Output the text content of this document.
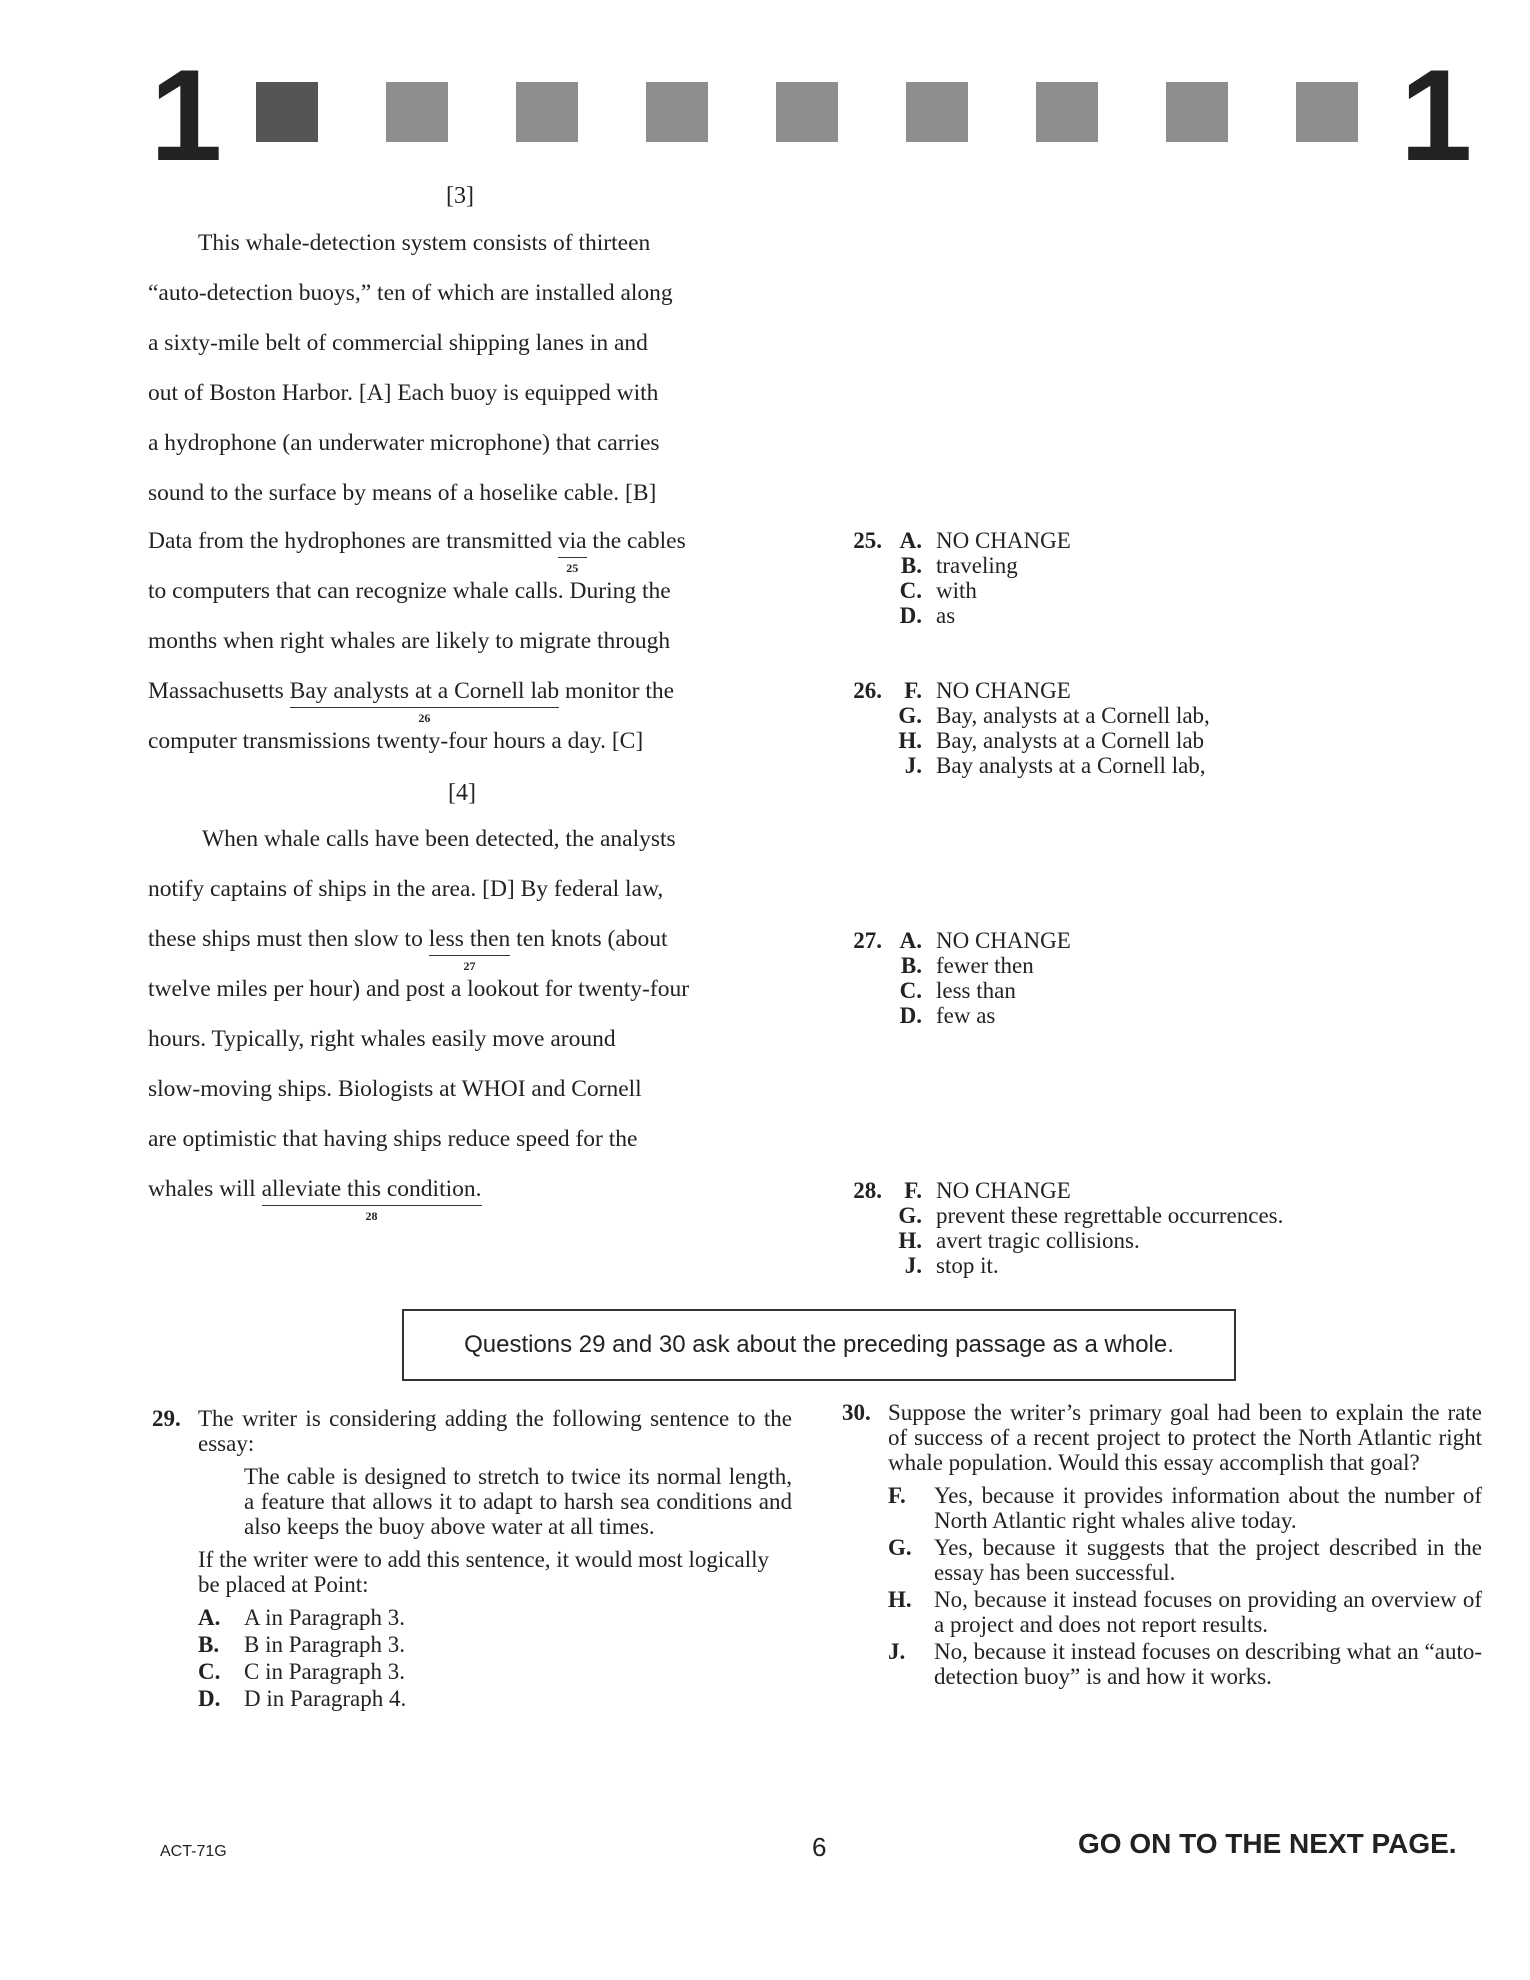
1	1
[3]
This whale-detection system consists of thirteen
“auto-detection buoys,” ten of which are installed along
a sixty-mile belt of commercial shipping lanes in and
out of Boston Harbor. [A] Each buoy is equipped with
a hydrophone (an underwater microphone) that carries
sound to the surface by means of a hoselike cable. [B]
Data from the hydrophones are transmitted via
25
the cables
to computers that can recognize whale calls. During the
months when right whales are likely to migrate through
Massachusetts Bay analysts at a Cornell lab
26
monitor the
computer transmissions twenty-four hours a day. [C]
[4]
When whale calls have been detected, the analysts
notify captains of ships in the area. [D] By federal law,
these ships must then slow to less then
27
ten knots (about
twelve miles per hour) and post a lookout for twenty-four
hours. Typically, right whales easily move around
slow-moving ships. Biologists at WHOI and Cornell
are optimistic that having ships reduce speed for the
whales will alleviate this condition.
28
25. A. NO CHANGE
B. traveling
C. with
D. as
26. F. NO CHANGE
G. Bay, analysts at a Cornell lab,
H. Bay, analysts at a Cornell lab
J. Bay analysts at a Cornell lab,
27. A. NO CHANGE
B. fewer then
C. less than
D. few as
28. F. NO CHANGE
G. prevent these regrettable occurrences.
H. avert tragic collisions.
J. stop it.
Questions 29 and 30 ask about the preceding passage as a whole.
29. The writer is considering adding the following sentence to the essay:
The cable is designed to stretch to twice its normal length, a feature that allows it to adapt to harsh sea conditions and also keeps the buoy above water at all times.
If the writer were to add this sentence, it would most logically be placed at Point:
A.	A in Paragraph 3.
B.	B in Paragraph 3.
C.	C in Paragraph 3.
D.	D in Paragraph 4.
30. Suppose the writer’s primary goal had been to explain the rate of success of a recent project to protect the North Atlantic right whale population. Would this essay accomplish that goal?
F.	Yes, because it provides information about the number of North Atlantic right whales alive today.
G. Yes, because it suggests that the project described in the essay has been successful.
H. No, because it instead focuses on providing an overview of a project and does not report results.
J.	No, because it instead focuses on describing what an “auto-detection buoy” is and how it works.
ACT-71G	6	GO ON TO THE NEXT PAGE.
